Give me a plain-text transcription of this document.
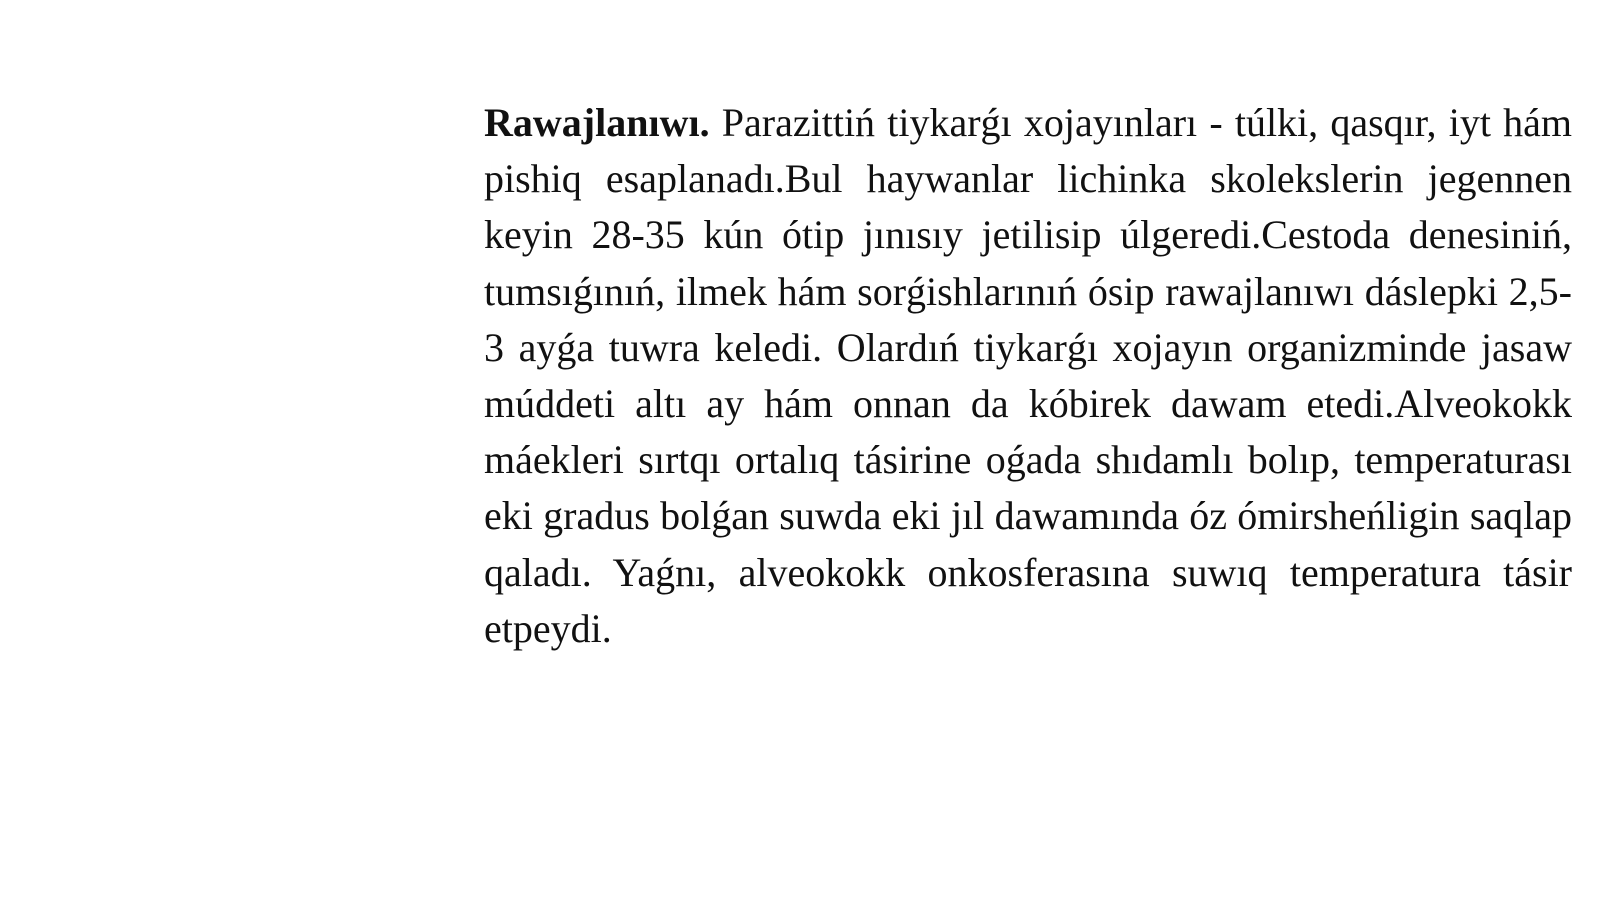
Rawajlanıwı. Parazittiń tiykarǵı xojayınları - túlki, qasqır, iyt hám pishiq esaplanadı.Bul haywanlar lichinka skolekslerin jegennen keyin 28-35 kún ótip jınısıy jetilisip úlgeredi.Cestoda denesiniń, tumsıǵınıń, ilmek hám sorǵishlarınıń ósip rawajlanıwı dáslepki 2,5-3 ayǵa tuwra keledi. Olardıń tiykarǵı xojayın organizminde jasaw múddeti altı ay hám onnan da kóbirek dawam etedi.Alveokokk máekleri sırtqı ortalıq tásirine oǵada shıdamlı bolıp, temperaturası eki gradus bolǵan suwda eki jıl dawamında óz ómirsheńligin saqlap qaladı. Yaǵnı, alveokokk onkosferasına suwıq temperatura tásir etpeydi.
